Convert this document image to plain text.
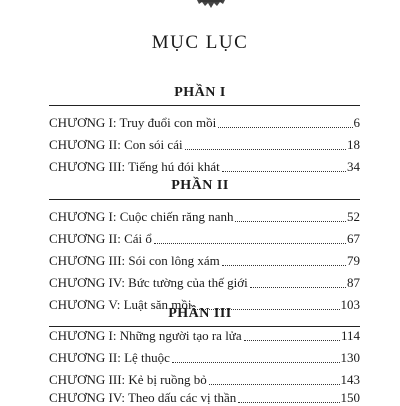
MỤC LỤC
PHẦN I
CHƯƠNG I: Truy đuổi con mồi	6
CHƯƠNG II: Con sói cái	18
CHƯƠNG III: Tiếng hú đói khát	34
PHẦN II
CHƯƠNG I: Cuộc chiến răng nanh	52
CHƯƠNG II: Cái ổ	67
CHƯƠNG III: Sói con lông xám	79
CHƯƠNG IV: Bức tường của thế giới	87
CHƯƠNG V: Luật săn mồi	103
PHẦN III
CHƯƠNG I: Những người tạo ra lửa	114
CHƯƠNG II: Lệ thuộc	130
CHƯƠNG III: Kẻ bị ruồng bỏ	143
CHƯƠNG IV: Theo dấu các vị thần	150
